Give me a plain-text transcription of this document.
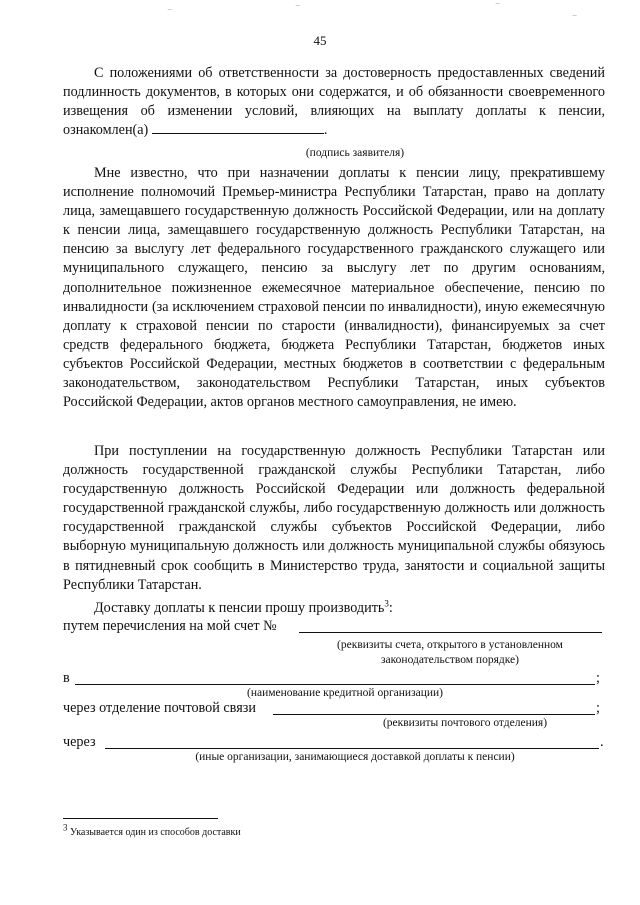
‾	‾	‾
‾
45

С положениями об ответственности за достоверность предоставленных сведений подлинность документов, в которых они содержатся, и об обязанности своевременного извещения об изменении условий, влияющих на выплату доплаты к пенсии, ознакомлен(а)	.

(подпись заявителя)

Мне известно, что при назначении доплаты к пенсии лицу, прекратившему исполнение полномочий Премьер-министра Республики Татарстан, право на доплату лица, замещавшего государственную должность Российской Федерации, или на доплату к пенсии лица, замещавшего государственную должность Республики Татарстан, на пенсию за выслугу лет федерального государственного гражданского служащего или муниципального служащего, пенсию за выслугу лет по другим основаниям, дополнительное пожизненное ежемесячное материальное обеспечение, пенсию по инвалидности (за исключением страховой пенсии по инвалидности), иную ежемесячную доплату к страховой пенсии по старости (инвалидности), финансируемых за счет средств федерального бюджета, бюджета Республики Татарстан, бюджетов иных субъектов Российской Федерации, местных бюджетов в соответствии с федеральным законодательством, законодательством Республики Татарстан, иных субъектов Российской Федерации, актов органов местного самоуправления, не имею.

При поступлении на государственную должность Республики Татарстан или должность государственной гражданской службы Республики Татарстан, либо государственную должность Российской Федерации или должность федеральной государственной гражданской службы, либо государственную должность или должность государственной гражданской службы субъектов Российской Федерации, либо выборную муниципальную должность или должность муниципальной службы обязуюсь в пятидневный срок сообщить в Министерство труда, занятости и социальной защиты Республики Татарстан.

Доставку доплаты к пенсии прошу производить$^3$:

путем перечисления на мой счет №
(реквизиты счета, открытого в установленном
законодательством порядке)
в	;
(наименование кредитной организации)
через отделение почтовой связи	;
(реквизиты почтового отделения)
через	.
(иные организации, занимающиеся доставкой доплаты к пенсии)
$^3$ Указывается один из способов доставки
